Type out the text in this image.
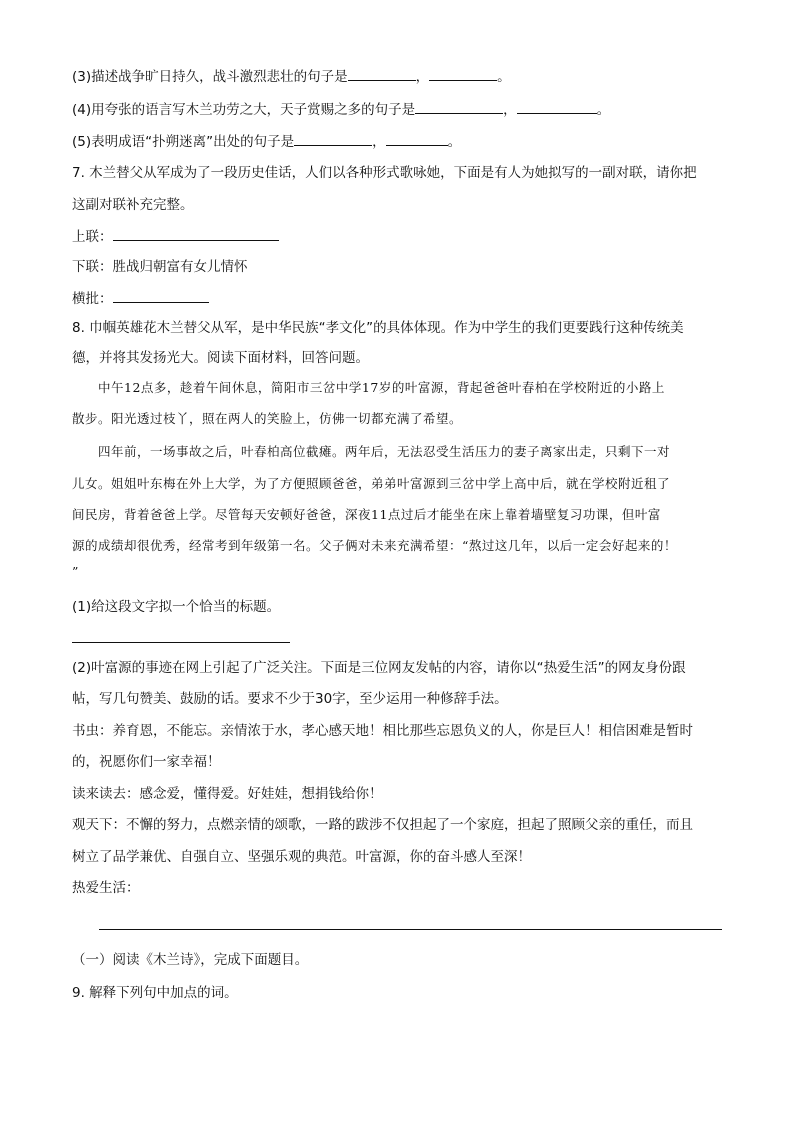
(3)描述战争旷日持久，战斗激烈悲壮的句子是	，	。
(4)用夸张的语言写木兰功劳之大，天子赏赐之多的句子是	，	。
(5)表明成语“扑朔迷离”出处的句子是	，	。
7. 木兰替父从军成为了一段历史佳话，人们以各种形式歌咏她，下面是有人为她拟写的一副对联，请你把
这副对联补充完整。
上联：
下联：胜战归朝富有女儿情怀
横批：
8. 巾帼英雄花木兰替父从军，是中华民族“孝文化”的具体体现。作为中学生的我们更要践行这种传统美
德，并将其发扬光大。阅读下面材料，回答问题。
　　中午12点多，趁着午间休息，简阳市三岔中学17岁的叶富源，背起爸爸叶春柏在学校附近的小路上
散步。阳光透过枝丫，照在两人的笑脸上，仿佛一切都充满了希望。
　　四年前，一场事故之后，叶春柏高位截瘫。两年后，无法忍受生活压力的妻子离家出走，只剩下一对
儿女。姐姐叶东梅在外上大学，为了方便照顾爸爸，弟弟叶富源到三岔中学上高中后，就在学校附近租了
间民房，背着爸爸上学。尽管每天安顿好爸爸，深夜11点过后才能坐在床上靠着墙壁复习功课，但叶富
源的成绩却很优秀，经常考到年级第一名。父子俩对未来充满希望：“熬过这几年，以后一定会好起来的！
”
(1)给这段文字拟一个恰当的标题。
(2)叶富源的事迹在网上引起了广泛关注。下面是三位网友发帖的内容，请你以“热爱生活”的网友身份跟
帖，写几句赞美、鼓励的话。要求不少于30字，至少运用一种修辞手法。
书虫：养育恩，不能忘。亲情浓于水，孝心感天地！相比那些忘恩负义的人，你是巨人！相信困难是暂时
的，祝愿你们一家幸福！
读来读去：感念爱，懂得爱。好娃娃，想捐钱给你！
观天下：不懈的努力，点燃亲情的颂歌，一路的跋涉不仅担起了一个家庭，担起了照顾父亲的重任，而且
树立了品学兼优、自强自立、坚强乐观的典范。叶富源，你的奋斗感人至深！
热爱生活：
（一）阅读《木兰诗》，完成下面题目。
9. 解释下列句中加点的词。
